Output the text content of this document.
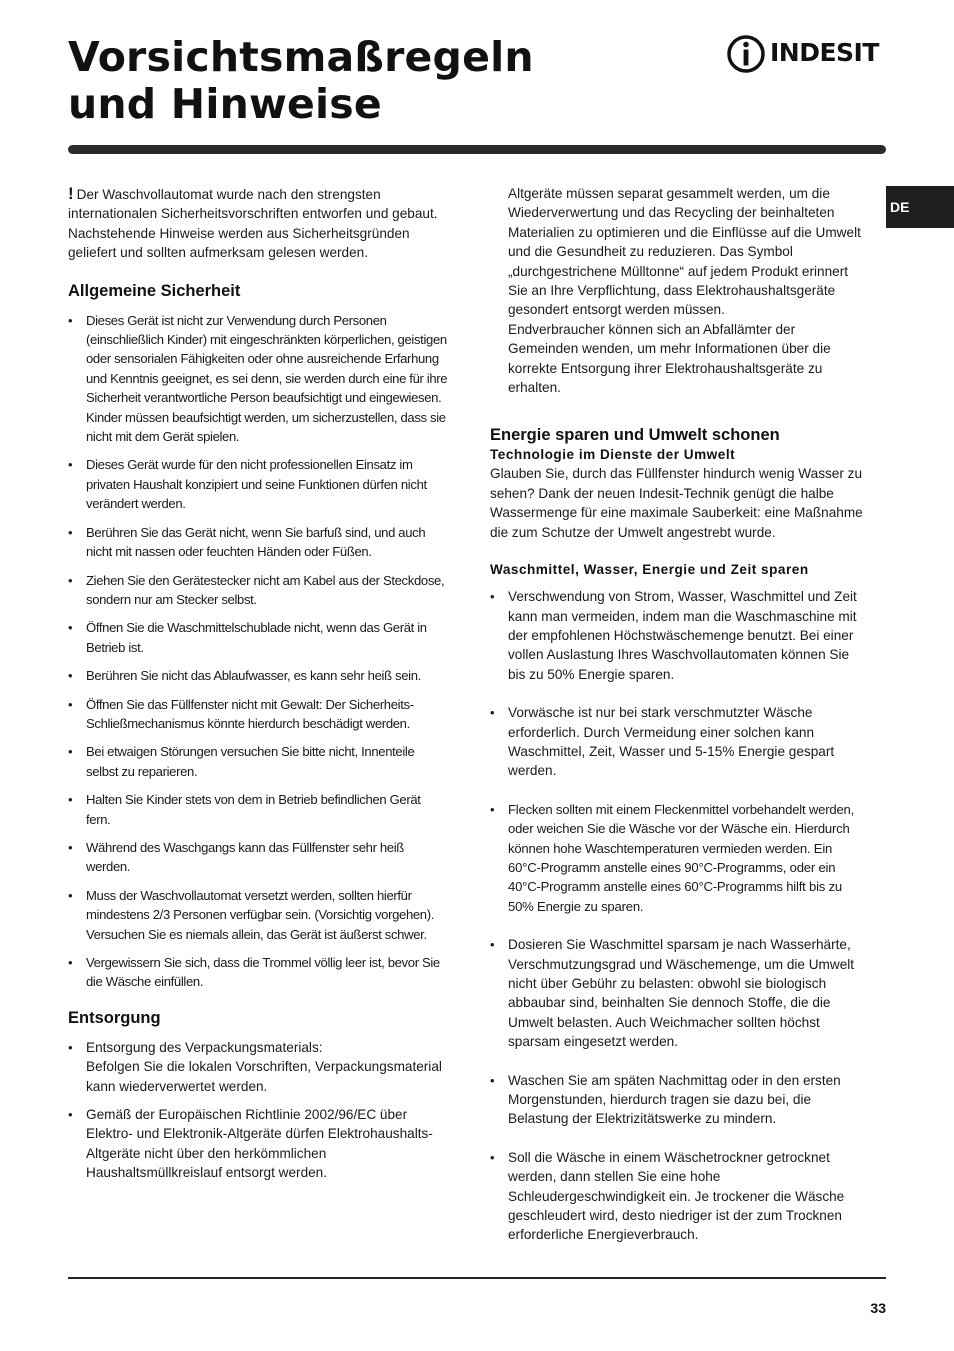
Vorsichtsmaßregeln
und Hinweise
INDESIT
DE

! Der Waschvollautomat wurde nach den strengsten internationalen Sicherheitsvorschriften entworfen und gebaut. Nachstehende Hinweise werden aus Sicherheitsgründen geliefert und sollten aufmerksam gelesen werden.

Allgemeine Sicherheit
• Dieses Gerät ist nicht zur Verwendung durch Personen (einschließlich Kinder) mit eingeschränkten körperlichen, geistigen oder sensorialen Fähigkeiten oder ohne ausreichende Erfarhung und Kenntnis geeignet, es sei denn, sie werden durch eine für ihre Sicherheit verantwortliche Person beaufsichtigt und eingewiesen. Kinder müssen beaufsichtigt werden, um sicherzustellen, dass sie nicht mit dem Gerät spielen.
• Dieses Gerät wurde für den nicht professionellen Einsatz im privaten Haushalt konzipiert und seine Funktionen dürfen nicht verändert werden.
• Berühren Sie das Gerät nicht, wenn Sie barfuß sind, und auch nicht mit nassen oder feuchten Händen oder Füßen.
• Ziehen Sie den Gerätestecker nicht am Kabel aus der Steckdose, sondern nur am Stecker selbst.
• Öffnen Sie die Waschmittelschublade nicht, wenn das Gerät in Betrieb ist.
• Berühren Sie nicht das Ablaufwasser, es kann sehr heiß sein.
• Öffnen Sie das Füllfenster nicht mit Gewalt: Der Sicherheits-Schließmechanismus könnte hierdurch beschädigt werden.
• Bei etwaigen Störungen versuchen Sie bitte nicht, Innenteile selbst zu reparieren.
• Halten Sie Kinder stets von dem in Betrieb befindlichen Gerät fern.
• Während des Waschgangs kann das Füllfenster sehr heiß werden.
• Muss der Waschvollautomat versetzt werden, sollten hierfür mindestens 2/3 Personen verfügbar sein. (Vorsichtig vorgehen). Versuchen Sie es niemals allein, das Gerät ist äußerst schwer.
• Vergewissern Sie sich, dass die Trommel völlig leer ist, bevor Sie die Wäsche einfüllen.
Entsorgung
• Entsorgung des Verpackungsmaterials:
Befolgen Sie die lokalen Vorschriften, Verpackungsmaterial kann wiederverwertet werden.
• Gemäß der Europäischen Richtlinie 2002/96/EC über Elektro- und Elektronik-Altgeräte dürfen Elektrohaushalts-Altgeräte nicht über den herkömmlichen Haushaltsmüllkreislauf entsorgt werden.

Altgeräte müssen separat gesammelt werden, um die Wiederverwertung und das Recycling der beinhalteten Materialien zu optimieren und die Einflüsse auf die Umwelt und die Gesundheit zu reduzieren. Das Symbol „durchgestrichene Mülltonne“ auf jedem Produkt erinnert Sie an Ihre Verpflichtung, dass Elektrohaushaltsgeräte gesondert entsorgt werden müssen.

Endverbraucher können sich an Abfallämter der Gemeinden wenden, um mehr Informationen über die korrekte Entsorgung ihrer Elektrohaushaltsgeräte zu erhalten.

Energie sparen und Umwelt schonen
Technologie im Dienste der Umwelt

Glauben Sie, durch das Füllfenster hindurch wenig Wasser zu sehen? Dank der neuen Indesit-Technik genügt die halbe Wassermenge für eine maximale Sauberkeit: eine Maßnahme die zum Schutze der Umwelt angestrebt wurde.

Waschmittel, Wasser, Energie und Zeit sparen
• Verschwendung von Strom, Wasser, Waschmittel und Zeit kann man vermeiden, indem man die Waschmaschine mit der empfohlenen Höchstwäschemenge benutzt. Bei einer vollen Auslastung Ihres Waschvollautomaten können Sie bis zu 50% Energie sparen.
• Vorwäsche ist nur bei stark verschmutzter Wäsche erforderlich. Durch Vermeidung einer solchen kann Waschmittel, Zeit, Wasser und 5-15% Energie gespart werden.
• Flecken sollten mit einem Fleckenmittel vorbehandelt werden, oder weichen Sie die Wäsche vor der Wäsche ein. Hierdurch können hohe Waschtemperaturen vermieden werden. Ein 60°C-Programm anstelle eines 90°C-Programms, oder ein 40°C-Programm anstelle eines 60°C-Programms hilft bis zu 50% Energie zu sparen.
• Dosieren Sie Waschmittel sparsam je nach Wasserhärte, Verschmutzungsgrad und Wäschemenge, um die Umwelt nicht über Gebühr zu belasten: obwohl sie biologisch abbaubar sind, beinhalten Sie dennoch Stoffe, die die Umwelt belasten. Auch Weichmacher sollten höchst sparsam eingesetzt werden.
• Waschen Sie am späten Nachmittag oder in den ersten Morgenstunden, hierdurch tragen sie dazu bei, die Belastung der Elektrizitätswerke zu mindern.
• Soll die Wäsche in einem Wäschetrockner getrocknet werden, dann stellen Sie eine hohe Schleudergeschwindigkeit ein. Je trockener die Wäsche geschleudert wird, desto niedriger ist der zum Trocknen erforderliche Energieverbrauch.
33
